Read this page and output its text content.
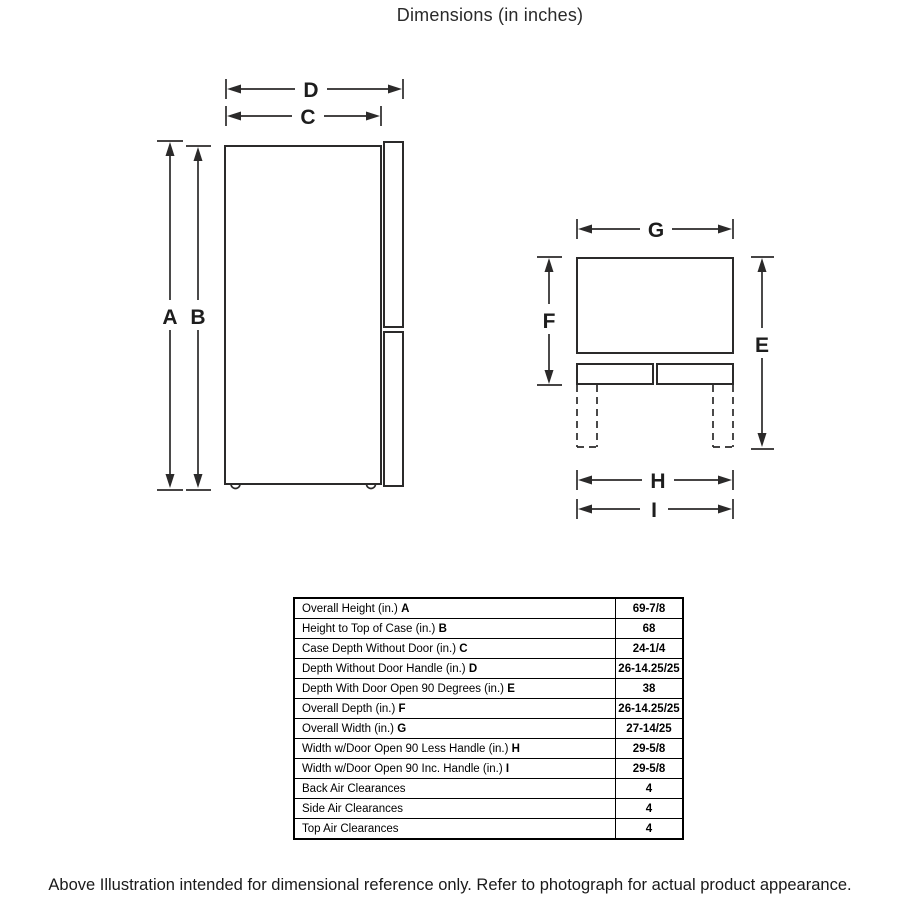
Dimensions (in inches)
D
C
A B
G
F
E
H
I
Overall Height (in.) A	69-7/8
Height to Top of Case (in.) B	68
Case Depth Without Door (in.) C	24-1/4
Depth Without Door Handle (in.) D	26-14.25/25
Depth With Door Open 90 Degrees (in.) E	38
Overall Depth (in.) F	26-14.25/25
Overall Width (in.) G	27-14/25
Width w/Door Open 90 Less Handle (in.) H	29-5/8
Width w/Door Open 90 Inc. Handle (in.) I	29-5/8
Back Air Clearances	4
Side Air Clearances	4
Top Air Clearances	4
Above Illustration intended for dimensional reference only. Refer to photograph for actual product appearance.
